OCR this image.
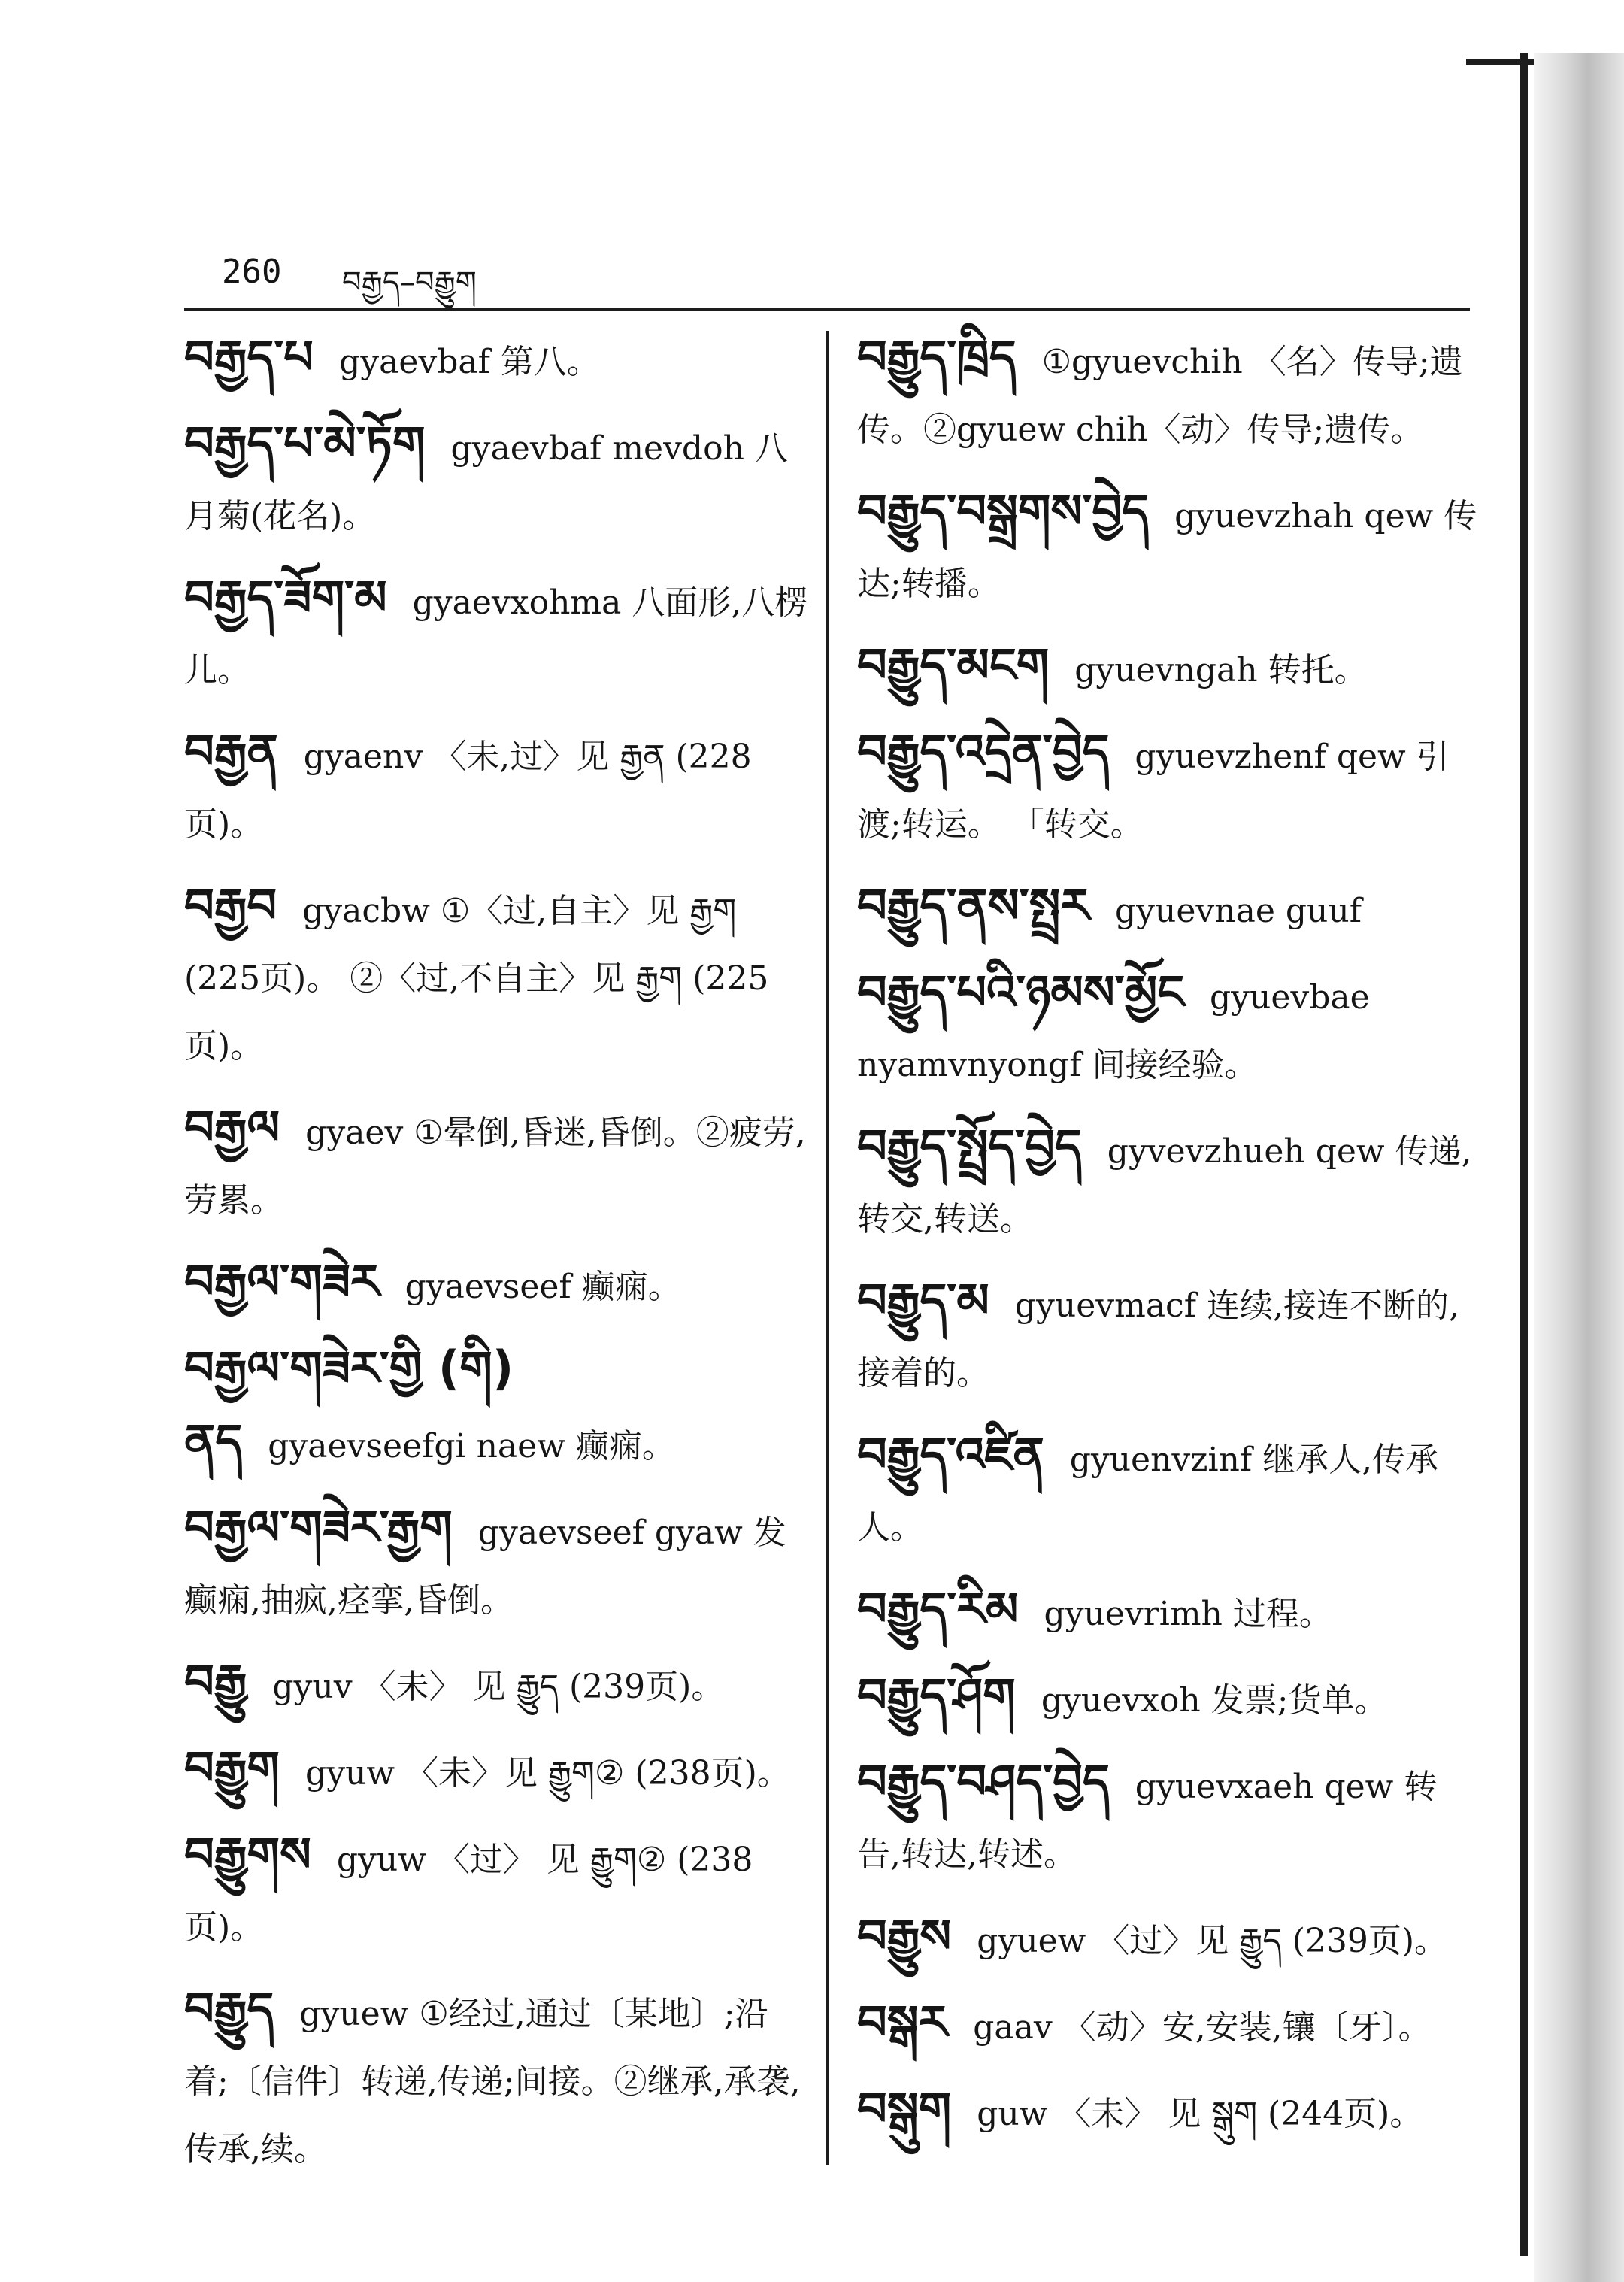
260 བརྒྱད–བརྒྱུག
བརྒྱད་པ gyaevbaf 第八。
བརྒྱད་པ་མེ་ཏོག gyaevbaf mevdoh 八月菊(花名)。
བརྒྱད་ཟོག་མ gyaevxohma 八面形,八楞儿。
བརྒྱན gyaenv 〈未,过〉见 རྒྱན (228页)。
བརྒྱབ gyacbw ①〈过,自主〉见 རྒྱག (225页)。 ②〈过,不自主〉见 རྒྱག (225页)。
བརྒྱལ gyaev ①晕倒,昏迷,昏倒。②疲劳,劳累。
བརྒྱལ་གཟེར gyaevseef 癫痫。
བརྒྱལ་གཟེར་གྱི (གི) ནད gyaevseefgi naew 癫痫。
བརྒྱལ་གཟེར་རྒྱག gyaevseef gyaw 发癫痫,抽疯,痉挛,昏倒。
བརྒྱུ gyuv 〈未〉 见 རྒྱུད (239页)。
བརྒྱུག gyuw 〈未〉见 རྒྱུག② (238页)。
བརྒྱུགས gyuw 〈过〉 见 རྒྱུག② (238页)。
བརྒྱུད gyuew ①经过,通过〔某地〕;沿着;〔信件〕转递,传递;间接。②继承,承袭,传承,续。
བརྒྱུད་ཁྲིད ①gyuevchih 〈名〉传导;遗传。②gyuew chih〈动〉传导;遗传。
བརྒྱུད་བསྒྲགས་བྱེད gyuevzhah qew 传达;转播。
བརྒྱུད་མངག gyuevngah 转托。
བརྒྱུད་འདྲེན་བྱེད gyuevzhenf qew 引渡;转运。 「转交。
བརྒྱུད་ནས་སྤྲར gyuevnae guuf
བརྒྱུད་པའི་ཉམས་མྱོང gyuevbae nyamvnyongf 间接经验。
བརྒྱུད་སྤྲོད་བྱེད gyvevzhueh qew 传递,转交,转送。
བརྒྱུད་མ gyuevmacf 连续,接连不断的,接着的。
བརྒྱུད་འཛིན gyuenvzinf 继承人,传承人。
བརྒྱུད་རིམ gyuevrimh 过程。
བརྒྱུད་ཤོག gyuevxoh 发票;货单。
བརྒྱུད་བཤད་བྱེད gyuevxaeh qew 转告,转达,转述。
བརྒྱུས gyuew 〈过〉见 རྒྱུད (239页)。
བསྒར gaav 〈动〉安,安装,镶〔牙〕。
བསྒུག guw 〈未〉 见 སྒུག (244页)。
